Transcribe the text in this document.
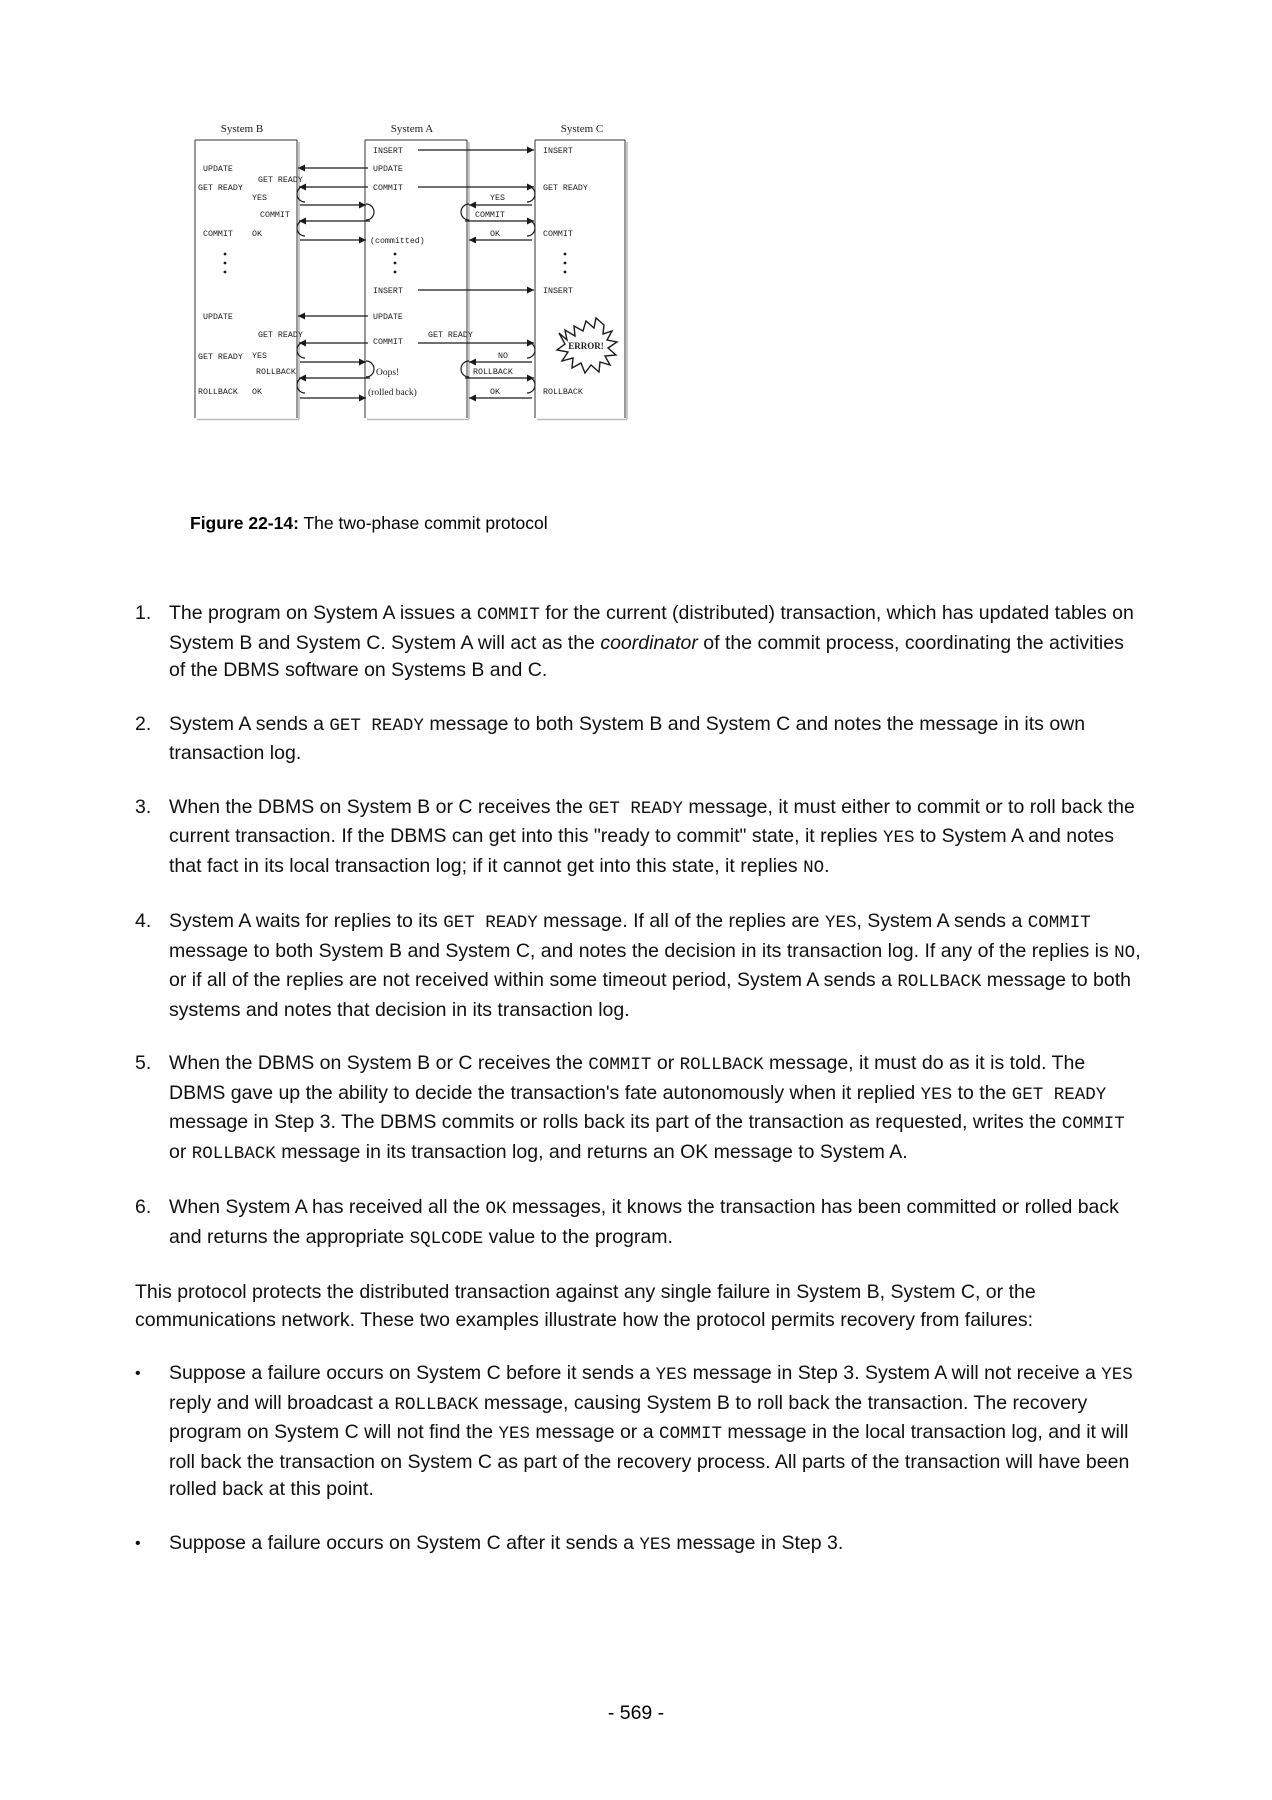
System B	System A	System C
INSERT	INSERT
UPDATE
UPDATE
COMMIT
GET READY	GET READY
GET READY
YES	YES
COMMIT	COMMIT
COMMIT	COMMIT
OK	OK
(committed)
INSERT	INSERT
UPDATE
UPDATE
COMMIT
GET READY
GET READY	GET READY
YES	NO
ROLLBACK	ROLLBACK
ROLLBACK	ROLLBACK
OK	OK
Oops!
(rolled back)
ERROR!
Figure 22-14: The two-phase commit protocol
1. The program on System A issues a COMMIT for the current (distributed) transaction, which has updated tables on System B and System C. System A will act as the coordinator of the commit process, coordinating the activities of the DBMS software on Systems B and C.
2. System A sends a GET READY message to both System B and System C and notes the message in its own transaction log.
3. When the DBMS on System B or C receives the GET READY message, it must either to commit or to roll back the current transaction. If the DBMS can get into this "ready to commit" state, it replies YES to System A and notes that fact in its local transaction log; if it cannot get into this state, it replies NO.
4. System A waits for replies to its GET READY message. If all of the replies are YES, System A sends a COMMIT message to both System B and System C, and notes the decision in its transaction log. If any of the replies is NO, or if all of the replies are not received within some timeout period, System A sends a ROLLBACK message to both systems and notes that decision in its transaction log.
5. When the DBMS on System B or C receives the COMMIT or ROLLBACK message, it must do as it is told. The DBMS gave up the ability to decide the transaction's fate autonomously when it replied YES to the GET READY message in Step 3. The DBMS commits or rolls back its part of the transaction as requested, writes the COMMIT or ROLLBACK message in its transaction log, and returns an OK message to System A.
6. When System A has received all the OK messages, it knows the transaction has been committed or rolled back and returns the appropriate SQLCODE value to the program.
This protocol protects the distributed transaction against any single failure in System B, System C, or the communications network. These two examples illustrate how the protocol permits recovery from failures:
•	Suppose a failure occurs on System C before it sends a YES message in Step 3. System A will not receive a YES reply and will broadcast a ROLLBACK message, causing System B to roll back the transaction. The recovery program on System C will not find the YES message or a COMMIT message in the local transaction log, and it will roll back the transaction on System C as part of the recovery process. All parts of the transaction will have been rolled back at this point.
•	Suppose a failure occurs on System C after it sends a YES message in Step 3.
- 569 -
